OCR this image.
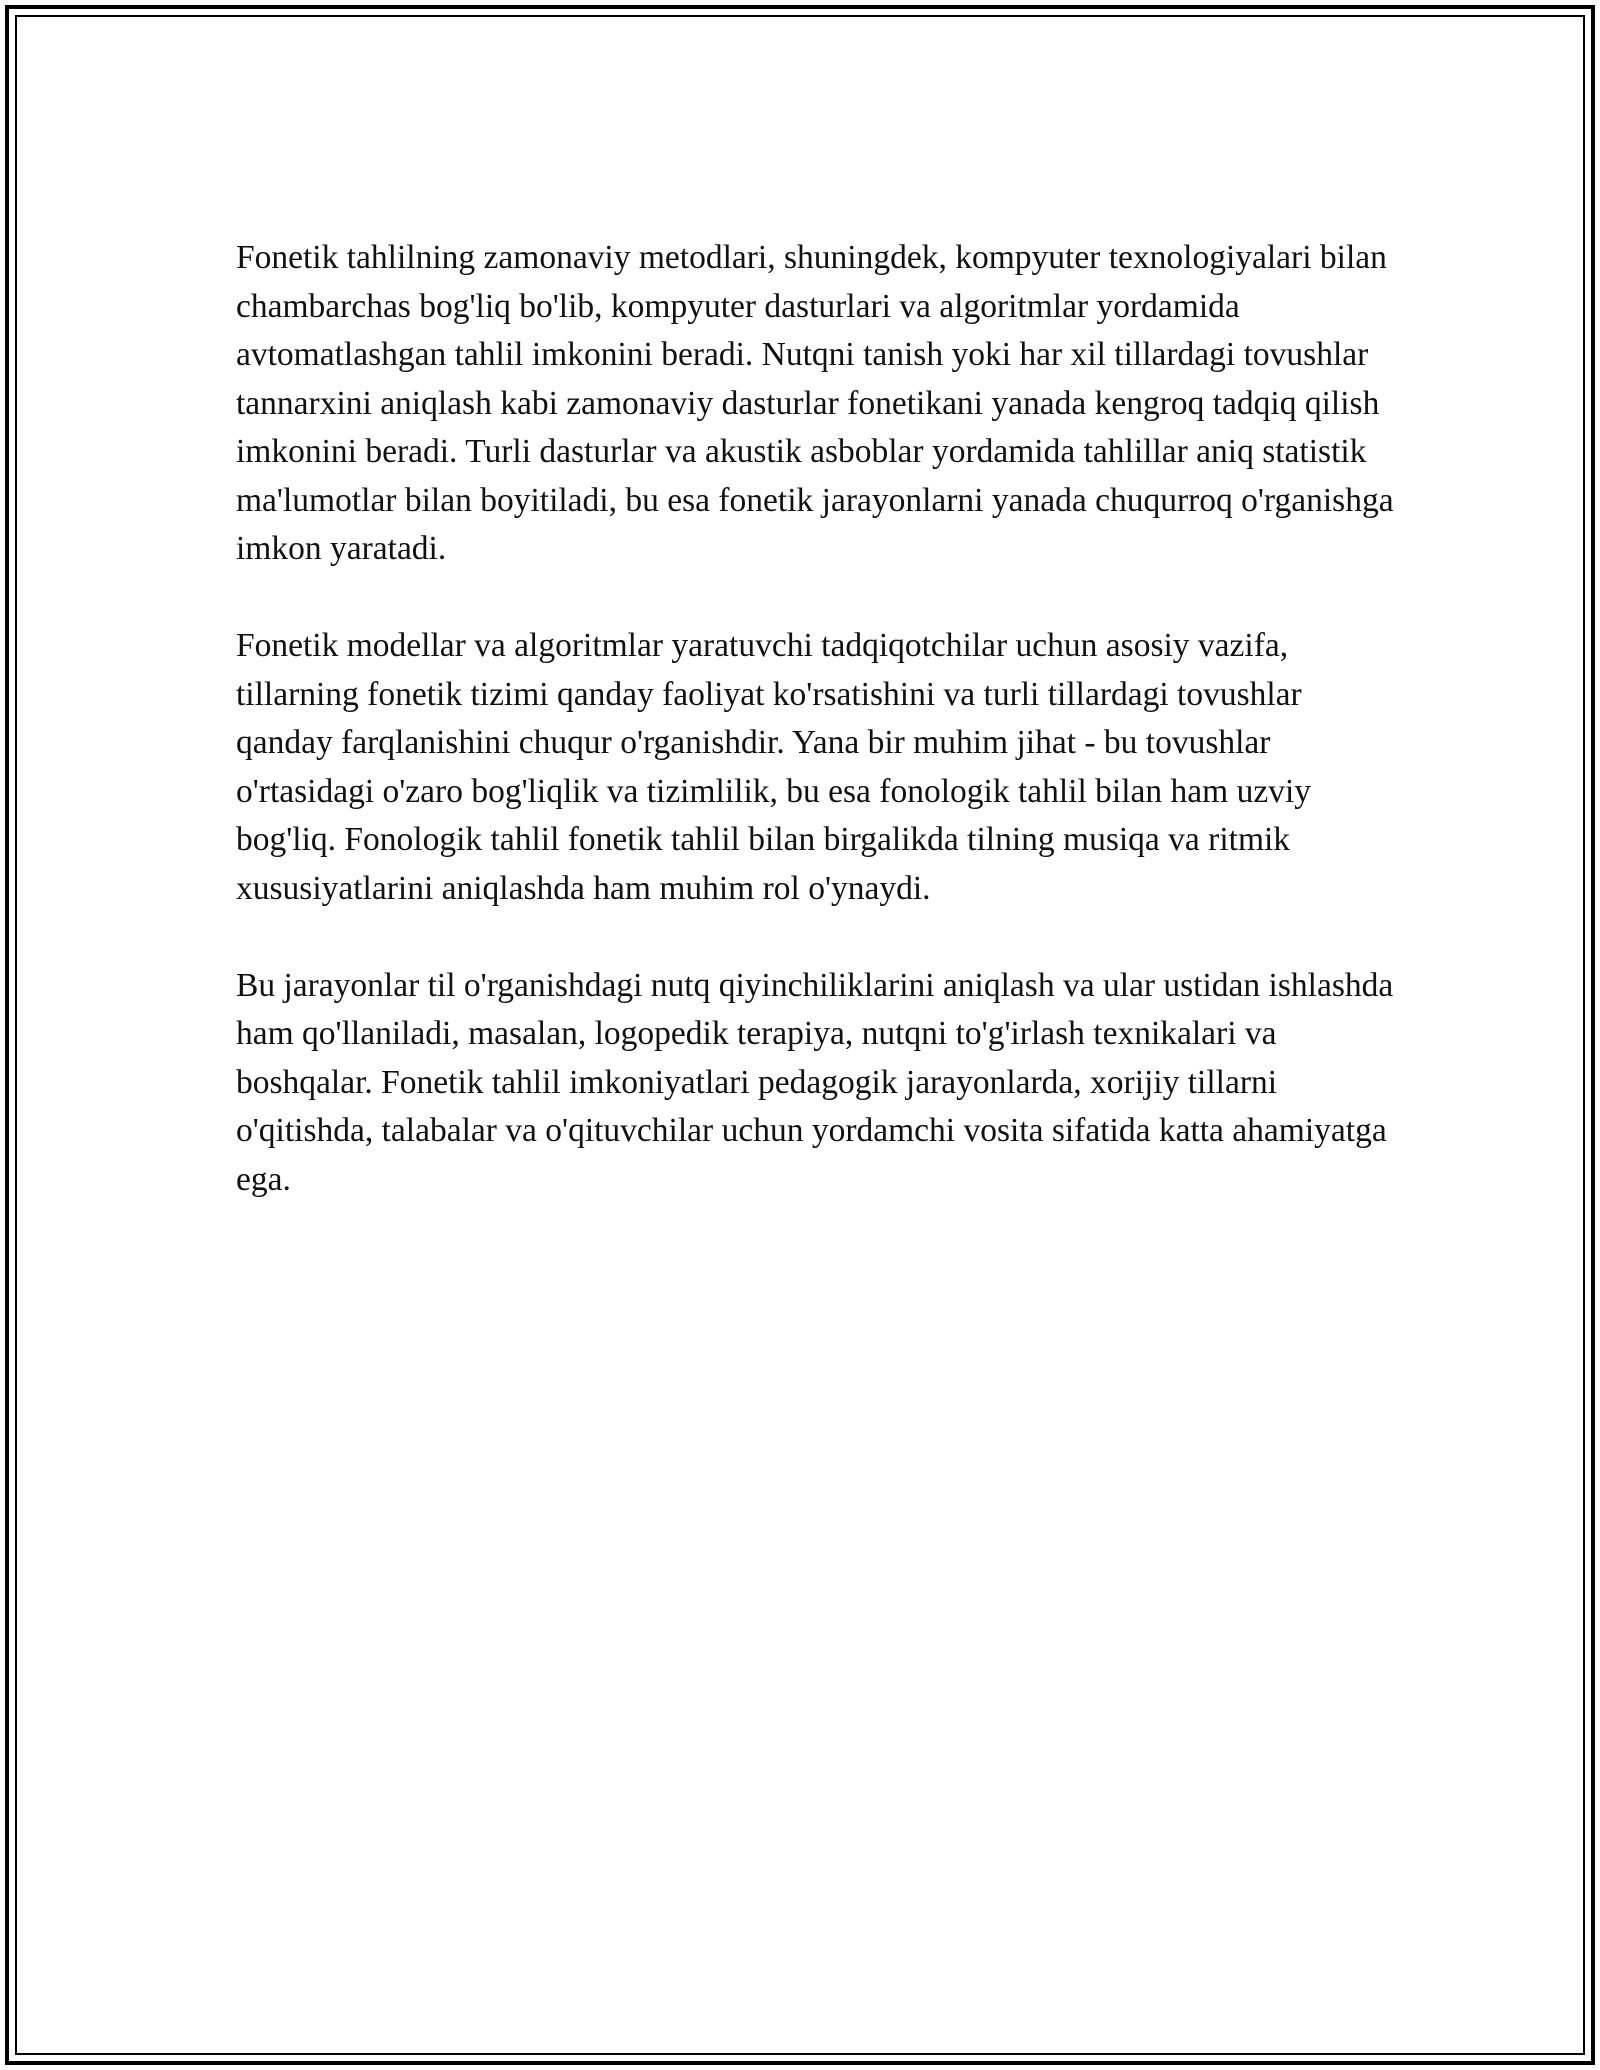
Fonetik tahlilning zamonaviy metodlari, shuningdek, kompyuter texnologiyalari bilan chambarchas bog'liq bo'lib, kompyuter dasturlari va algoritmlar yordamida avtomatlashgan tahlil imkonini beradi. Nutqni tanish yoki har xil tillardagi tovushlar tannarxini aniqlash kabi zamonaviy dasturlar fonetikani yanada kengroq tadqiq qilish imkonini beradi. Turli dasturlar va akustik asboblar yordamida tahlillar aniq statistik ma'lumotlar bilan boyitiladi, bu esa fonetik jarayonlarni yanada chuqurroq o'rganishga imkon yaratadi.

Fonetik modellar va algoritmlar yaratuvchi tadqiqotchilar uchun asosiy vazifa, tillarning fonetik tizimi qanday faoliyat ko'rsatishini va turli tillardagi tovushlar qanday farqlanishini chuqur o'rganishdir. Yana bir muhim jihat - bu tovushlar o'rtasidagi o'zaro bog'liqlik va tizimlilik, bu esa fonologik tahlil bilan ham uzviy bog'liq. Fonologik tahlil fonetik tahlil bilan birgalikda tilning musiqa va ritmik xususiyatlarini aniqlashda ham muhim rol o'ynaydi.

Bu jarayonlar til o'rganishdagi nutq qiyinchiliklarini aniqlash va ular ustidan ishlashda ham qo'llaniladi, masalan, logopedik terapiya, nutqni to'g'irlash texnikalari va boshqalar. Fonetik tahlil imkoniyatlari pedagogik jarayonlarda, xorijiy tillarni o'qitishda, talabalar va o'qituvchilar uchun yordamchi vosita sifatida katta ahamiyatga ega.
